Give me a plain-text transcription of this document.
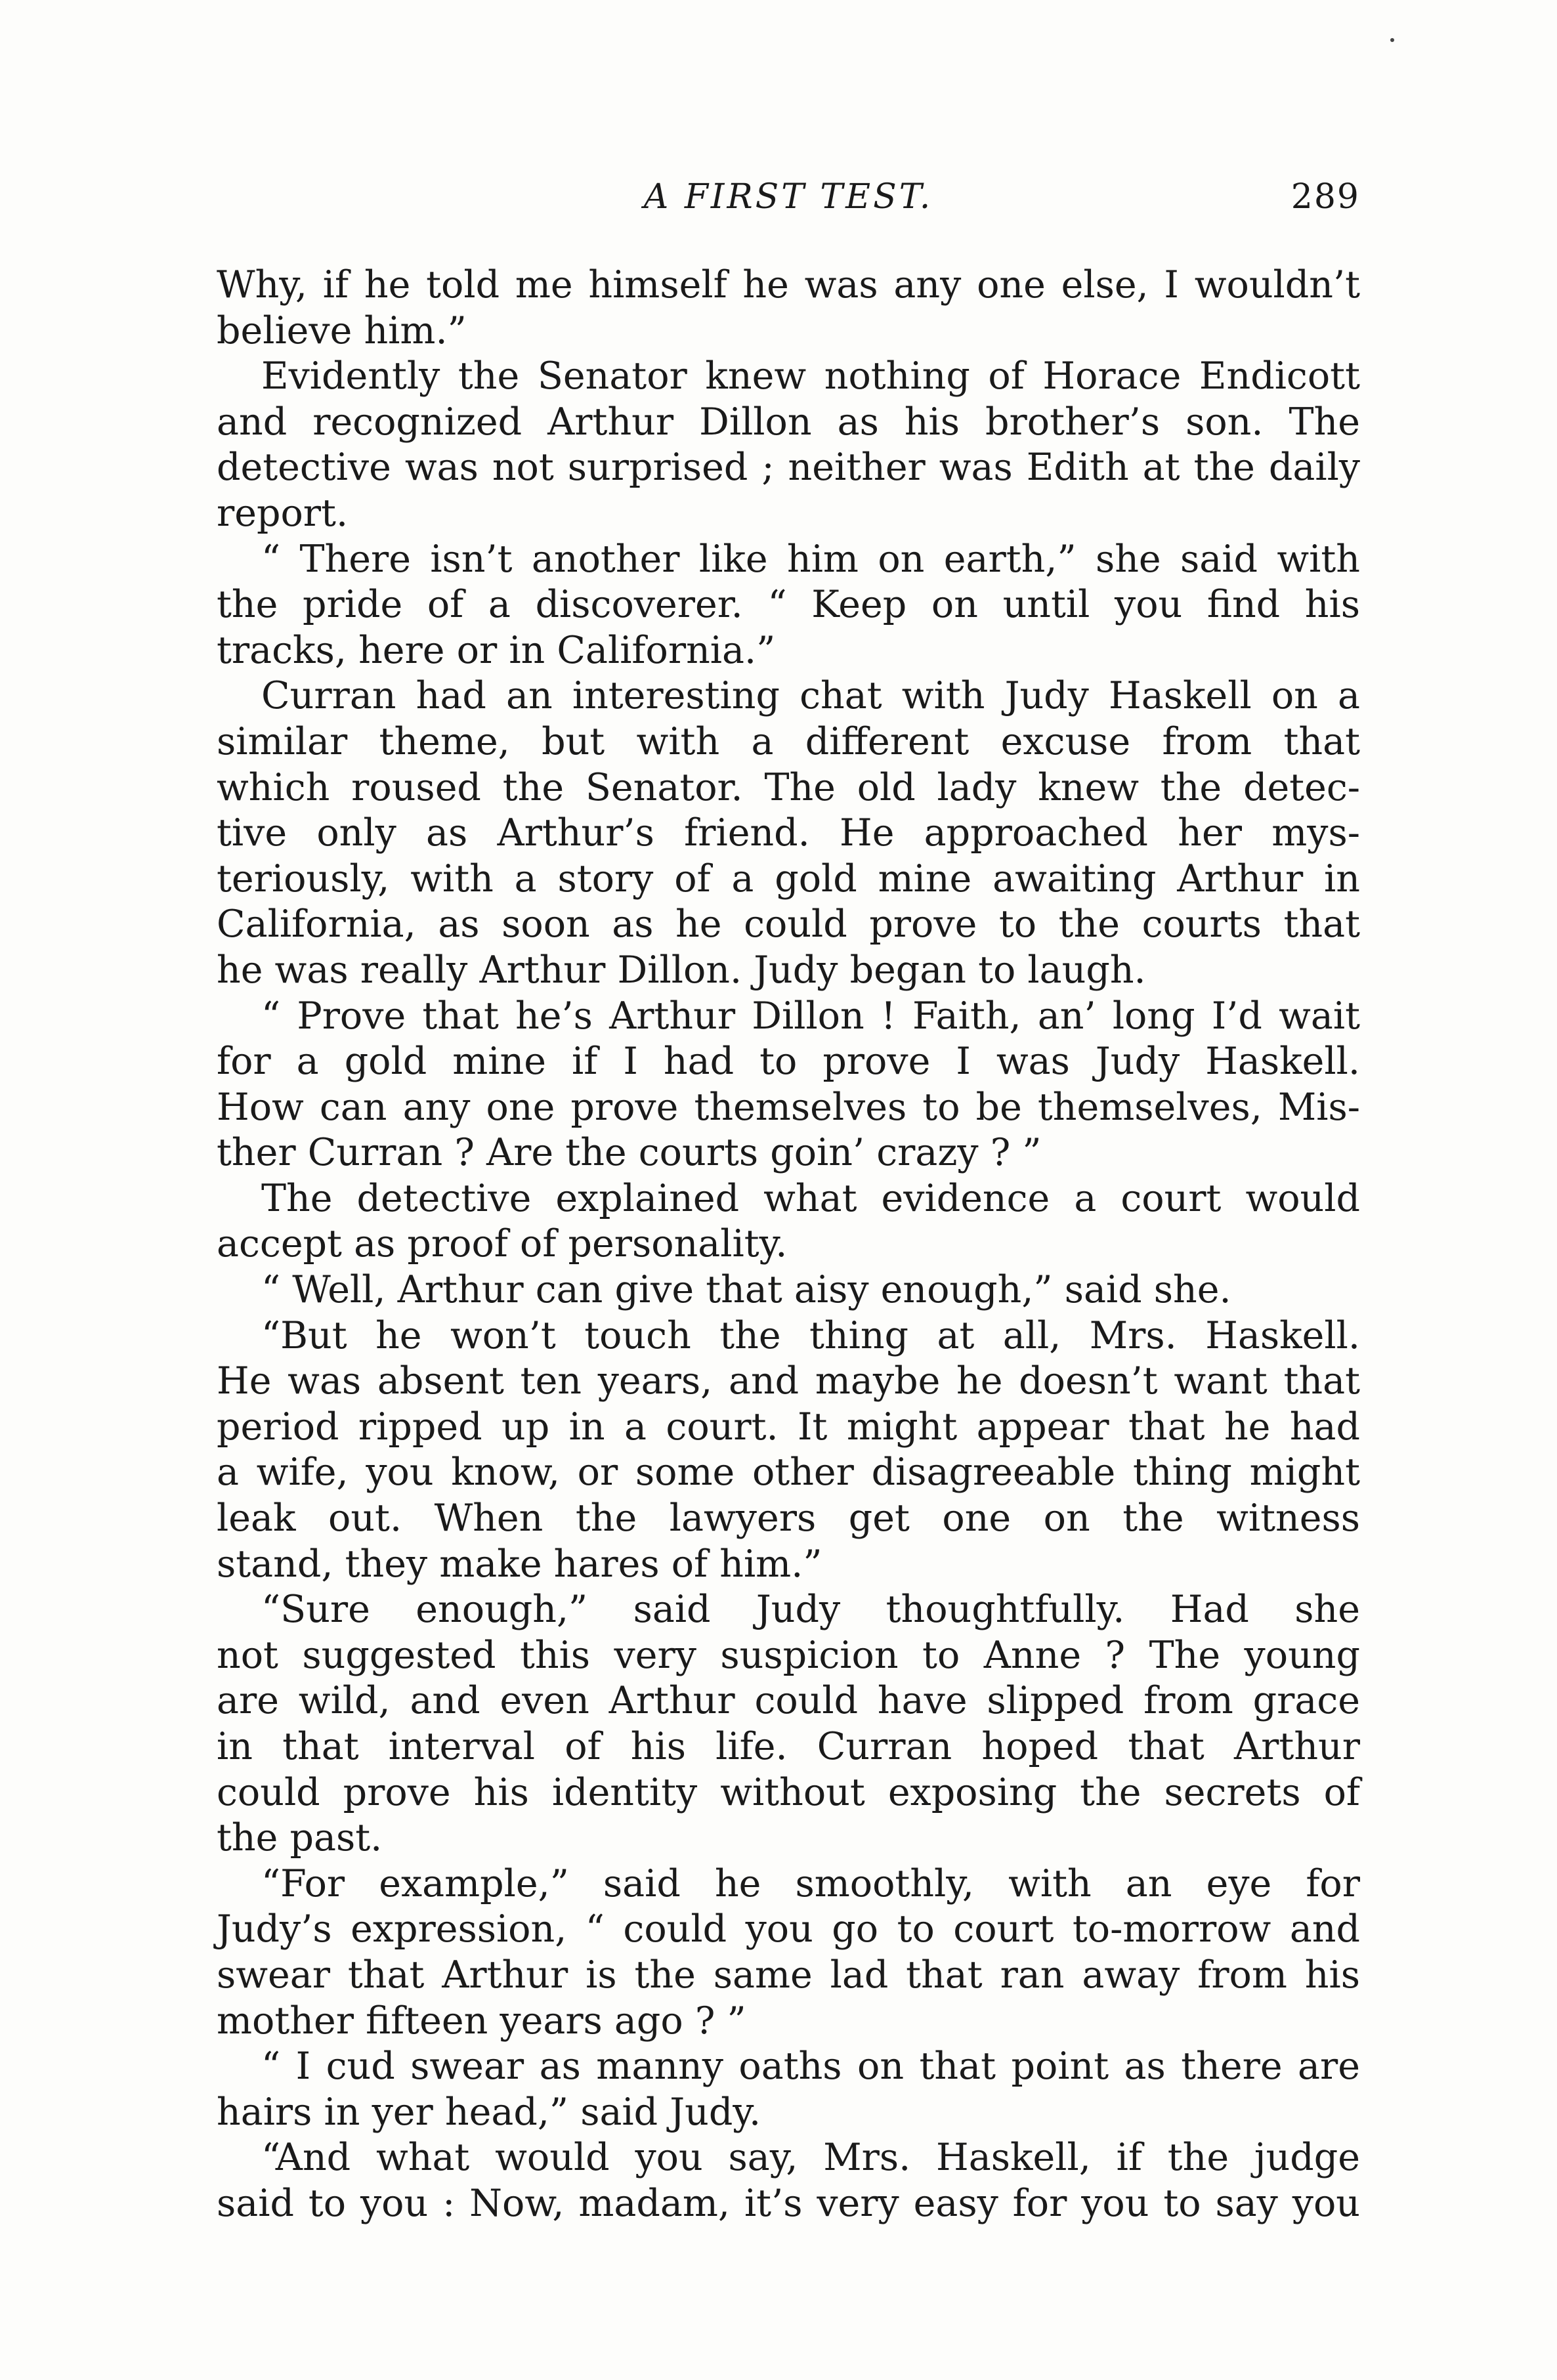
A FIRST TEST.	289
Why, if he told me himself he was any one else, I wouldn’t
believe him.”
Evidently the Senator knew nothing of Horace Endicott
and recognized Arthur Dillon as his brother’s son. The
detective was not surprised ; neither was Edith at the daily
report.
“ There isn’t another like him on earth,” she said with
the pride of a discoverer. “ Keep on until you find his
tracks, here or in California.”
Curran had an interesting chat with Judy Haskell on a
similar theme, but with a different excuse from that
which roused the Senator. The old lady knew the detec-
tive only as Arthur’s friend. He approached her mys-
teriously, with a story of a gold mine awaiting Arthur in
California, as soon as he could prove to the courts that
he was really Arthur Dillon. Judy began to laugh.
“ Prove that he’s Arthur Dillon ! Faith, an’ long I’d wait
for a gold mine if I had to prove I was Judy Haskell.
How can any one prove themselves to be themselves, Mis-
ther Curran ? Are the courts goin’ crazy ? ”
The detective explained what evidence a court would
accept as proof of personality.
“ Well, Arthur can give that aisy enough,” said she.
“But he won’t touch the thing at all, Mrs. Haskell.
He was absent ten years, and maybe he doesn’t want that
period ripped up in a court. It might appear that he had
a wife, you know, or some other disagreeable thing might
leak out. When the lawyers get one on the witness
stand, they make hares of him.”
“Sure enough,” said Judy thoughtfully. Had she
not suggested this very suspicion to Anne ? The young
are wild, and even Arthur could have slipped from grace
in that interval of his life. Curran hoped that Arthur
could prove his identity without exposing the secrets of
the past.
“For example,” said he smoothly, with an eye for
Judy’s expression, “ could you go to court to-morrow and
swear that Arthur is the same lad that ran away from his
mother fifteen years ago ? ”
“ I cud swear as manny oaths on that point as there are
hairs in yer head,” said Judy.
“And what would you say, Mrs. Haskell, if the judge
said to you : Now, madam, it’s very easy for you to say you
